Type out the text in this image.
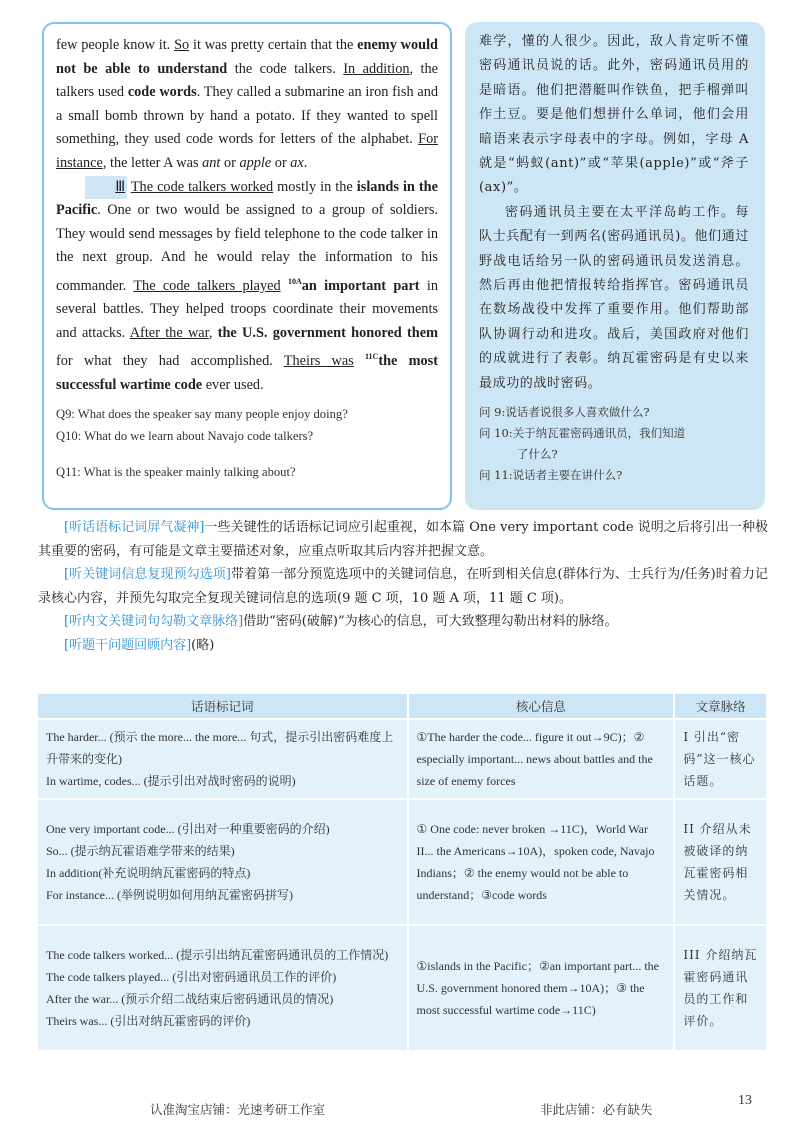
few people know it. So it was pretty certain that the enemy would not be able to understand the code talkers. In addition, the talkers used code words. They called a submarine an iron fish and a small bomb thrown by hand a potato. If they wanted to spell something, they used code words for letters of the alphabet. For instance, the letter A was ant or apple or ax.
Ⅲ The code talkers worked mostly in the islands in the Pacific. One or two would be assigned to a group of soldiers. They would send messages by field telephone to the code talker in the next group. And he would relay the information to his commander. The code talkers played $^{10A}$an important part in several battles. They helped troops coordinate their movements and attacks. After the war, the U.S. government honored them for what they had accomplished. Theirs was $^{11C}$the most successful wartime code ever used.
Q9: What does the speaker say many people enjoy doing?
Q10: What do we learn about Navajo code talkers?
Q11: What is the speaker mainly talking about?

难学，懂的人很少。因此，敌人肯定听不懂密码通讯员说的话。此外，密码通讯员用的是暗语。他们把潜艇叫作铁鱼，把手榴弹叫作土豆。要是他们想拼什么单词，他们会用暗语来表示字母表中的字母。例如，字母 A 就是“蚂蚁(ant)”或“苹果(apple)”或“斧子(ax)”。

密码通讯员主要在太平洋岛屿工作。每队士兵配有一到两名(密码通讯员)。他们通过野战电话给另一队的密码通讯员发送消息。然后再由他把情报转给指挥官。密码通讯员在数场战役中发挥了重要作用。他们帮助部队协调行动和进攻。战后，美国政府对他们的成就进行了表彰。纳瓦霍密码是有史以来最成功的战时密码。

问 9:说话者说很多人喜欢做什么?
问 10:关于纳瓦霍密码通讯员，我们知道
了什么?
问 11:说话者主要在讲什么?

[听话语标记词屏气凝神]一些关键性的话语标记词应引起重视，如本篇 One very important code 说明之后将引出一种极其重要的密码，有可能是文章主要描述对象，应重点听取其后内容并把握文意。

[听关键词信息复现预勾选项]带着第一部分预览选项中的关键词信息，在听到相关信息(群体行为、士兵行为/任务)时着力记录核心内容，并预先勾取完全复现关键词信息的选项(9 题 C 项，10 题 A 项，11 题 C 项)。

[听内文关键词句勾勒文章脉络]借助“密码(破解)”为核心的信息，可大致整理勾勒出材料的脉络。

[听题干问题回顾内容](略)

话语标记词	核心信息	文章脉络

The harder... (预示 the more... the more... 句式，提示引出密码难度上升带来的变化)
In wartime, codes... (提示引出对战时密码的说明)	①The harder the code... figure it out→9C)；② especially important... news about battles and the size of enemy forces	I 引出“密码”这一核心话题。

One very important code... (引出对一种重要密码的介绍)
So... (提示纳瓦霍语难学带来的结果)
In addition(补充说明纳瓦霍密码的特点)
For instance... (举例说明如何用纳瓦霍密码拼写)	① One code: never broken →11C)，World War II... the Americans→10A)，spoken code, Navajo Indians；② the enemy would not be able to understand；③code words	II 介绍从未被破译的纳瓦霍密码相关情况。

The code talkers worked... (提示引出纳瓦霍密码通讯员的工作情况)
The code talkers played... (引出对密码通讯员工作的评价)
After the war... (预示介绍二战结束后密码通讯员的情况)
Theirs was... (引出对纳瓦霍密码的评价)	①islands in the Pacific；②an important part... the U.S. government honored them→10A)；③ the most successful wartime code→11C)	III 介绍纳瓦霍密码通讯员的工作和评价。
认准淘宝店铺：光速考研工作室	非此店铺：必有缺失
13
